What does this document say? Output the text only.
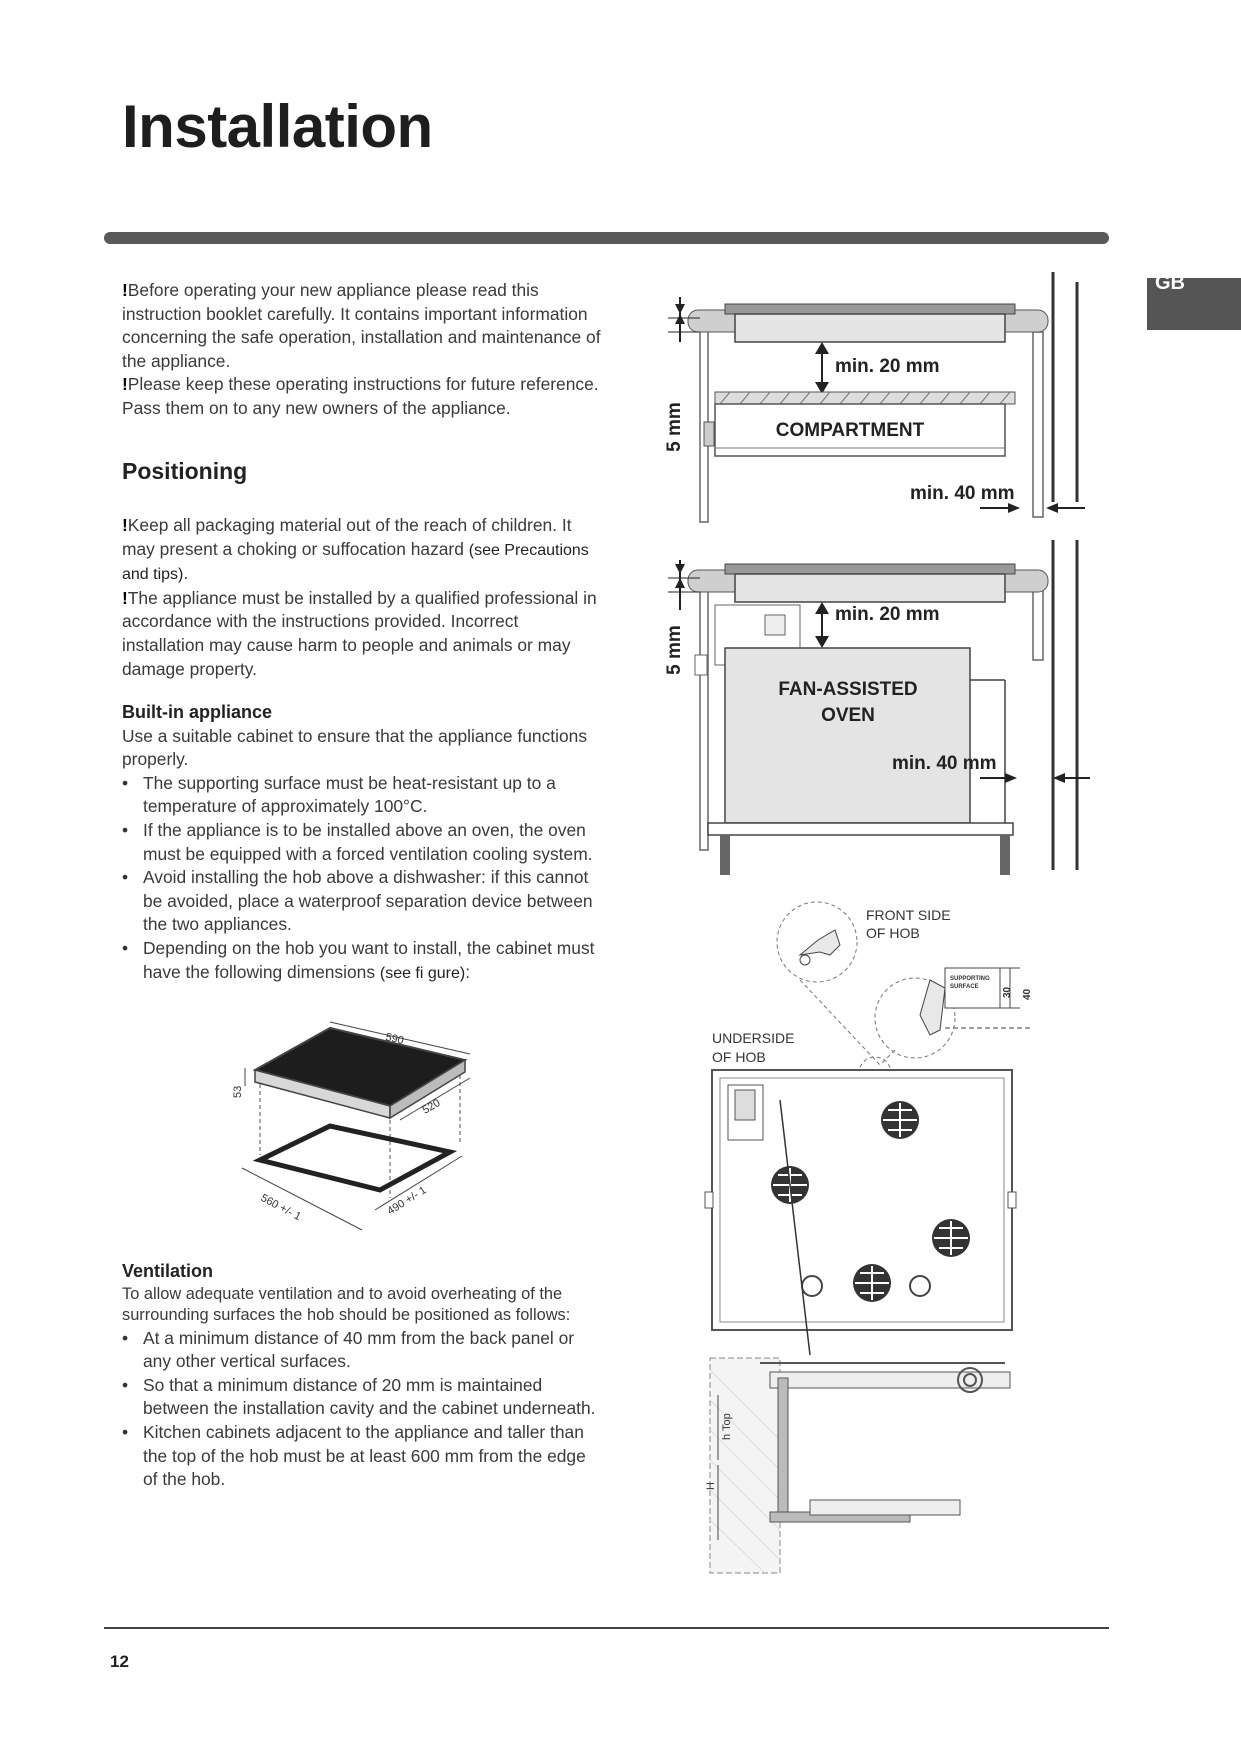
Installation
GB

!Before operating your new appliance please read this instruction booklet carefully. It contains important information concerning the safe operation, installation and maintenance of the appliance.

!Please keep these operating instructions for future reference. Pass them on to any new owners of the appliance.

Positioning

!Keep all packaging material out of the reach of children. It may present a choking or suffocation hazard (see Precautions and tips).

!The appliance must be installed by a qualified professional in accordance with the instructions provided. Incorrect installation may cause harm to people and animals or may damage property.

Built-in appliance

Use a suitable cabinet to ensure that the appliance functions properly.

• The supporting surface must be heat-resistant up to a temperature of approximately 100°C.
• If the appliance is to be installed above an oven, the oven must be equipped with a forced ventilation cooling system.
• Avoid installing the hob above a dishwasher: if this cannot be avoided, place a waterproof separation device between the two appliances.
• Depending on the hob you want to install, the cabinet must have the following dimensions (see ﬁ gure):
590
520
53
560 +/- 1	490 +/- 1

Ventilation

To allow adequate ventilation and to avoid overheating of the surrounding surfaces the hob should be positioned as follows:

• At a minimum distance of 40 mm from the back panel or any other vertical surfaces.
• So that a minimum distance of 20 mm is maintained between the installation cavity and the cabinet underneath.
• Kitchen cabinets adjacent to the appliance and taller than the top of the hob must be at least 600 mm from the edge of the hob.
5 mm
min. 20 mm
COMPARTMENT
min. 40 mm
5 mm
min. 20 mm
FAN-ASSISTED
OVEN
min. 40 mm
FRONT SIDE
OF HOB
SUPPORTING
SURFACE 30 40
UNDERSIDE
OF HOB
h Top
H
12
